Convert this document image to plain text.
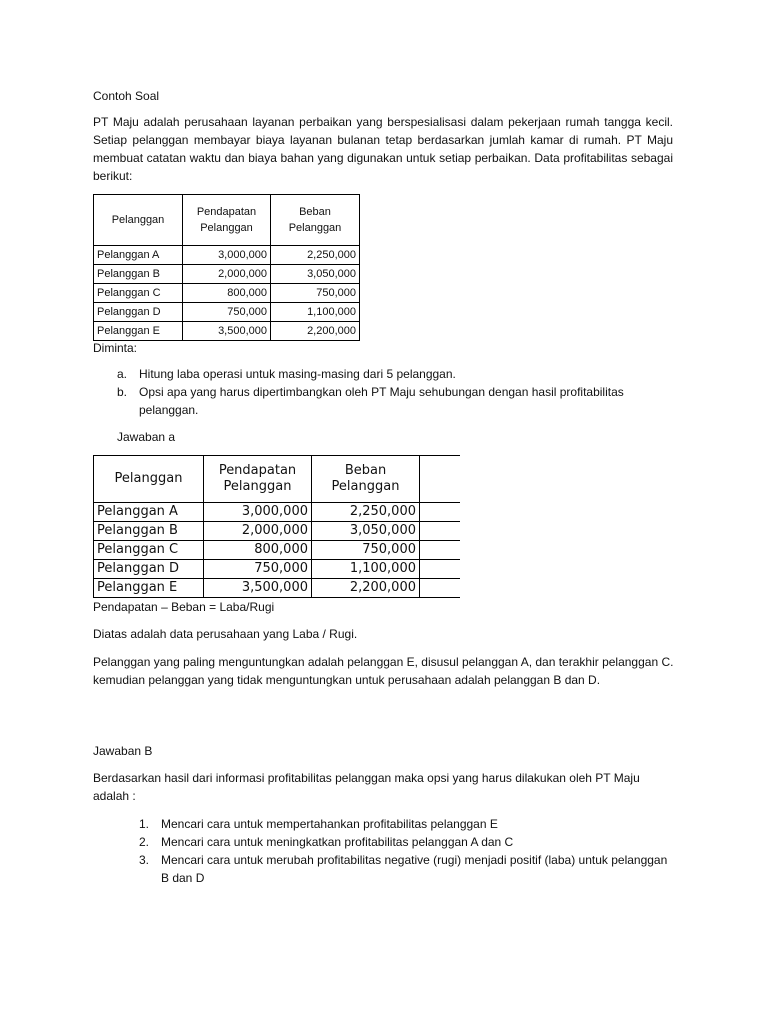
Contoh Soal

PT Maju adalah perusahaan layanan perbaikan yang berspesialisasi dalam pekerjaan rumah tangga kecil. Setiap pelanggan membayar biaya layanan bulanan tetap berdasarkan jumlah kamar di rumah. PT Maju membuat catatan waktu dan biaya bahan yang digunakan untuk setiap perbaikan. Data profitabilitas sebagai berikut:

Pelanggan	Pendapatan Pelanggan	Beban Pelanggan
Pelanggan A	3,000,000	2,250,000
Pelanggan B	2,000,000	3,050,000
Pelanggan C	800,000	750,000
Pelanggan D	750,000	1,100,000
Pelanggan E	3,500,000	2,200,000

Diminta:

a. Hitung laba operasi untuk masing-masing dari 5 pelanggan.
b. Opsi apa yang harus dipertimbangkan oleh PT Maju sehubungan dengan hasil profitabilitas pelanggan.

Jawaban a

Pelanggan	Pendapatan Pelanggan	Beban Pelanggan	
Pelanggan A	3,000,000	2,250,000	
Pelanggan B	2,000,000	3,050,000	
Pelanggan C	800,000	750,000	
Pelanggan D	750,000	1,100,000	
Pelanggan E	3,500,000	2,200,000	

Pendapatan – Beban = Laba/Rugi

Diatas adalah data perusahaan yang Laba / Rugi.

Pelanggan yang paling menguntungkan adalah pelanggan E, disusul pelanggan A, dan terakhir pelanggan C. kemudian pelanggan yang tidak menguntungkan untuk perusahaan adalah pelanggan B dan D.

Jawaban B

Berdasarkan hasil dari informasi profitabilitas pelanggan maka opsi yang harus dilakukan oleh PT Maju adalah :

1. Mencari cara untuk mempertahankan profitabilitas pelanggan E
2. Mencari cara untuk meningkatkan profitabilitas pelanggan A dan C
3. Mencari cara untuk merubah profitabilitas negative (rugi) menjadi positif (laba) untuk pelanggan B dan D
